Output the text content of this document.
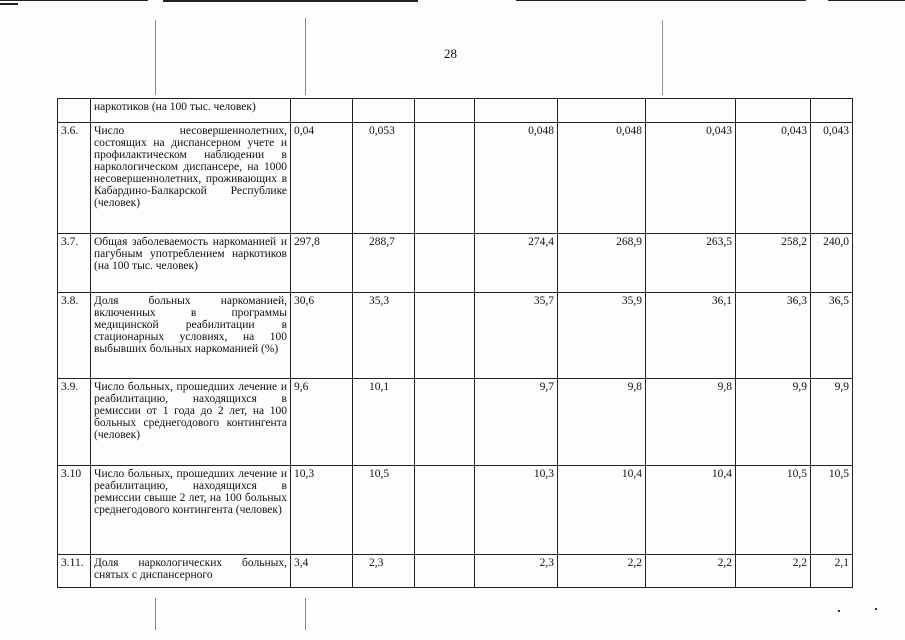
28
	наркотиков (на 100 тыс. человек)								
3.6.	Число несовершеннолетних, состоящих на диспансерном учете и профилактическом наблюдении в наркологическом диспансере, на 1000 несовершеннолетних, проживающих в Кабардино-Балкарской Республике (человек)	0,04	0,053		0,048	0,048	0,043	0,043	0,043
3.7.	Общая заболеваемость наркоманией и пагубным употреблением наркотиков (на 100 тыс. человек)	297,8	288,7		274,4	268,9	263,5	258,2	240,0
3.8.	Доля больных наркоманией, включенных в программы медицинской реабилитации в стационарных условиях, на 100 выбывших больных наркоманией (%)	30,6	35,3		35,7	35,9	36,1	36,3	36,5
3.9.	Число больных, прошедших лечение и реабилитацию, находящихся в ремиссии от 1 года до 2 лет, на 100 больных среднегодового контингента (человек)	9,6	10,1		9,7	9,8	9,8	9,9	9,9
3.10	Число больных, прошедших лечение и реабилитацию, находящихся в ремиссии свыше 2 лет, на 100 больных среднегодового контингента (человек)	10,3	10,5		10,3	10,4	10,4	10,5	10,5
3.11.	Доля наркологических больных, снятых с диспансерного	3,4	2,3		2,3	2,2	2,2	2,2	2,1
